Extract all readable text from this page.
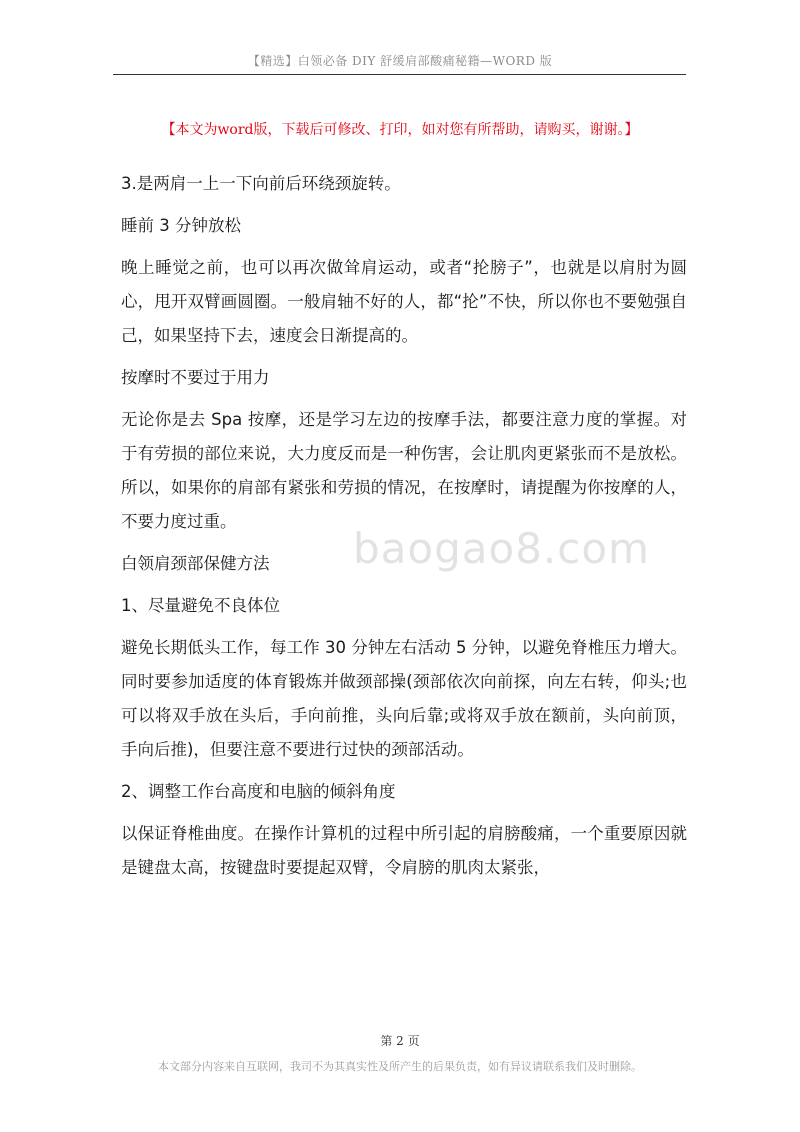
【精选】白领必备 DIY 舒缓肩部酸痛秘籍—WORD 版
【本文为word版，下载后可修改、打印，如对您有所帮助，请购买，谢谢。】

3.是两肩一上一下向前后环绕颈旋转。

睡前 3 分钟放松

晚上睡觉之前，也可以再次做耸肩运动，或者“抡膀子”，也就是以肩肘为圆心，甩开双臂画圆圈。一般肩轴不好的人，都“抡”不快，所以你也不要勉强自己，如果坚持下去，速度会日渐提高的。

按摩时不要过于用力

无论你是去 Spa 按摩，还是学习左边的按摩手法，都要注意力度的掌握。对于有劳损的部位来说，大力度反而是一种伤害，会让肌肉更紧张而不是放松。所以，如果你的肩部有紧张和劳损的情况，在按摩时，请提醒为你按摩的人，不要力度过重。

白领肩颈部保健方法

1、尽量避免不良体位

避免长期低头工作，每工作 30 分钟左右活动 5 分钟，以避免脊椎压力增大。同时要参加适度的体育锻炼并做颈部操(颈部依次向前探，向左右转，仰头;也可以将双手放在头后，手向前推，头向后靠;或将双手放在额前，头向前顶，手向后推)，但要注意不要进行过快的颈部活动。

2、调整工作台高度和电脑的倾斜角度

以保证脊椎曲度。在操作计算机的过程中所引起的肩膀酸痛，一个重要原因就是键盘太高，按键盘时要提起双臂，令肩膀的肌肉太紧张，

baogao8.com
第 2 页
本文部分内容来自互联网，我司不为其真实性及所产生的后果负责，如有异议请联系我们及时删除。
